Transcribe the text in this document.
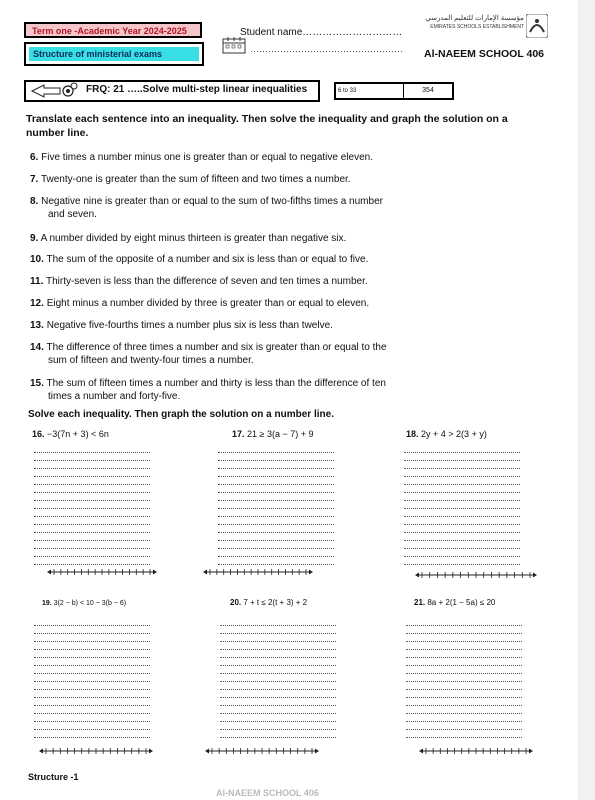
Term one -Academic Year 2024-2025
Structure of ministerial exams
Student name…………………………
……………………………………………
مؤسسة الإمارات للتعليم المدرسي
EMIRATES SCHOOLS ESTABLISHMENT
Al-NAEEM SCHOOL 406
FRQ: 21 …..Solve multi-step linear inequalities	6 to 33	354
Translate each sentence into an inequality. Then solve the inequality and graph the solution on a number line.
6. Five times a number minus one is greater than or equal to negative eleven.
7. Twenty-one is greater than the sum of fifteen and two times a number.
8. Negative nine is greater than or equal to the sum of two-fifths times a number
and seven.
9. A number divided by eight minus thirteen is greater than negative six.
10. The sum of the opposite of a number and six is less than or equal to five.
11. Thirty-seven is less than the difference of seven and ten times a number.
12. Eight minus a number divided by three is greater than or equal to eleven.
13. Negative five-fourths times a number plus six is less than twelve.
14. The difference of three times a number and six is greater than or equal to the
sum of fifteen and twenty-four times a number.
15. The sum of fifteen times a number and thirty is less than the difference of ten
times a number and forty-five.
Solve each inequality. Then graph the solution on a number line.
16. −3(7n + 3) < 6n	17. 21 ≥ 3(a − 7) + 9	18. 2y + 4 > 2(3 + y)
19. 3(2 − b) < 10 − 3(b − 6)	20. 7 + t ≤ 2(t + 3) + 2	21. 8a + 2(1 − 5a) ≤ 20
Structure -1
Al-NAEEM SCHOOL 406
